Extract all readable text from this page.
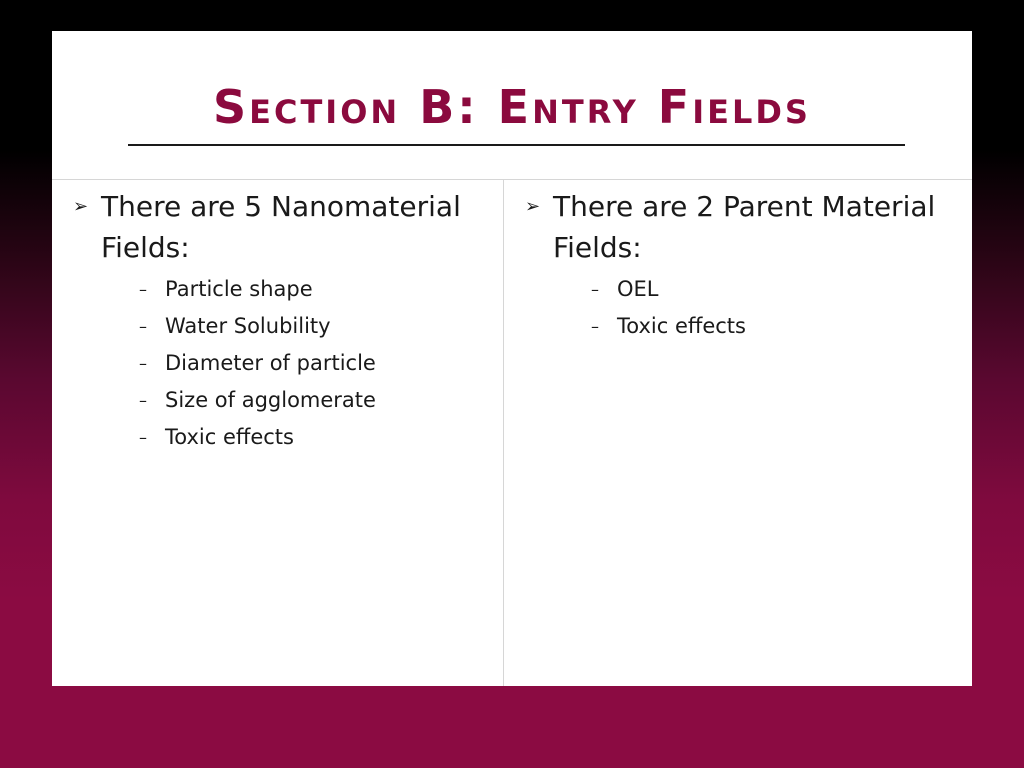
Section B: Entry Fields
➢ There are 5 Nanomaterial Fields:
– Particle shape
– Water Solubility
– Diameter of particle
– Size of agglomerate
– Toxic effects
➢ There are 2 Parent Material Fields:
– OEL
– Toxic effects
